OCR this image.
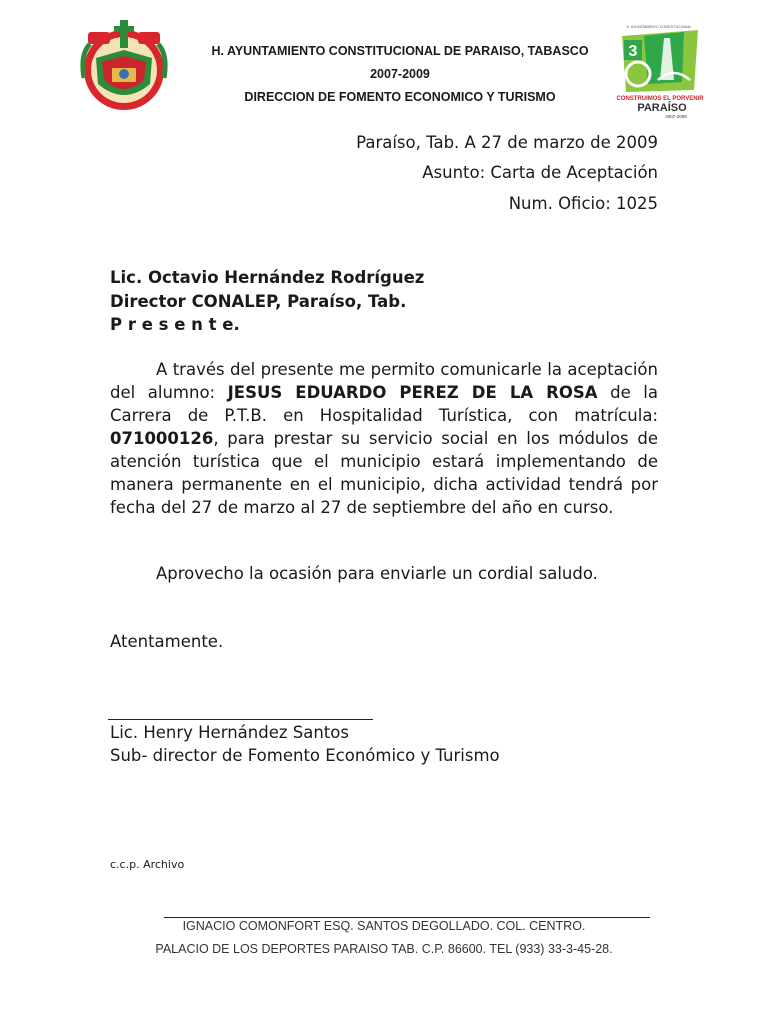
H. AYUNTAMIENTO CONSTITUCIONAL DE PARAISO, TABASCO
2007-2009
DIRECCION DE FOMENTO ECONOMICO Y TURISMO
H. AYUNTAMIENTO CONSTITUCIONAL
3
CONSTRUIMOS EL PORVENIR
PARAÍSO
2007-2009
Paraíso, Tab. A 27 de marzo de 2009
Asunto: Carta de Aceptación
Num. Oficio: 1025
Lic. Octavio Hernández Rodríguez
Director CONALEP, Paraíso, Tab.
P r e s e n t e.
A través del presente me permito comunicarle la aceptación del alumno: JESUS EDUARDO PEREZ DE LA ROSA de la Carrera de P.T.B. en Hospitalidad Turística, con matrícula: 071000126, para prestar su servicio social en los módulos de atención turística que el municipio estará implementando de manera permanente en el municipio, dicha actividad tendrá por fecha del 27 de marzo al 27 de septiembre del año en curso.
Aprovecho la ocasión para enviarle un cordial saludo.
Atentamente.
Lic. Henry Hernández Santos
Sub- director de Fomento Económico y Turismo
c.c.p. Archivo
IGNACIO COMONFORT ESQ. SANTOS DEGOLLADO. COL. CENTRO.
PALACIO DE LOS DEPORTES PARAISO TAB. C.P. 86600. TEL (933) 33-3-45-28.
